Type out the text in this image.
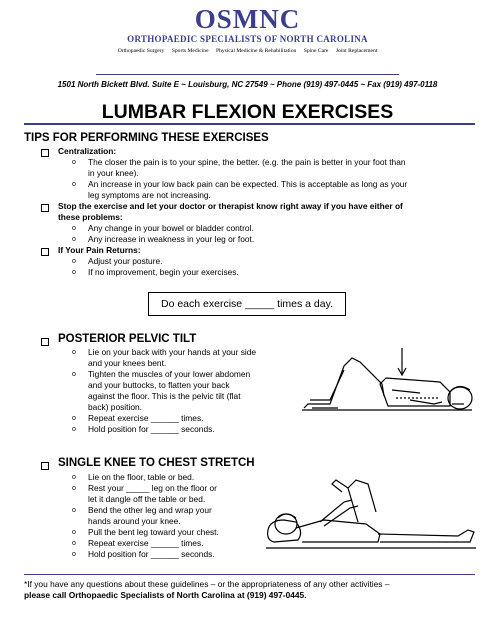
OSMNC
ORTHOPAEDIC SPECIALISTS OF NORTH CAROLINA
Orthopaedic Surgery Sports Medicine Physical Medicine & Rehabilitation Spine Care Joint Replacement
1501 North Bickett Blvd. Suite E ~ Louisburg, NC 27549 ~ Phone (919) 497-0445 ~ Fax (919) 497-0118
LUMBAR FLEXION EXERCISES
TIPS FOR PERFORMING THESE EXERCISES
Centralization:
o The closer the pain is to your spine, the better. (e.g. the pain is better in your foot than
in your knee).
o An increase in your low back pain can be expected. This is acceptable as long as your
leg symptoms are not increasing.
Stop the exercise and let your doctor or therapist know right away if you have either of
these problems:
o Any change in your bowel or bladder control.
o Any increase in weakness in your leg or foot.
If Your Pain Returns:
o Adjust your posture.
o If no improvement, begin your exercises.
Do each exercise _____ times a day.
POSTERIOR PELVIC TILT
o Lie on your back with your hands at your side
and your knees bent.
o Tighten the muscles of your lower abdomen
and your buttocks, to flatten your back
against the floor. This is the pelvic tilt (flat
back) position.
o Repeat exercise ______ times.
o Hold position for ______ seconds.
SINGLE KNEE TO CHEST STRETCH
o Lie on the floor, table or bed.
o Rest your _____ leg on the floor or
let it dangle off the table or bed.
o Bend the other leg and wrap your
hands around your knee.
o Pull the bent leg toward your chest.
o Repeat exercise ______ times.
o Hold position for ______ seconds.
*If you have any questions about these guidelines – or the appropriateness of any other activities –
please call Orthopaedic Specialists of North Carolina at (919) 497-0445.
